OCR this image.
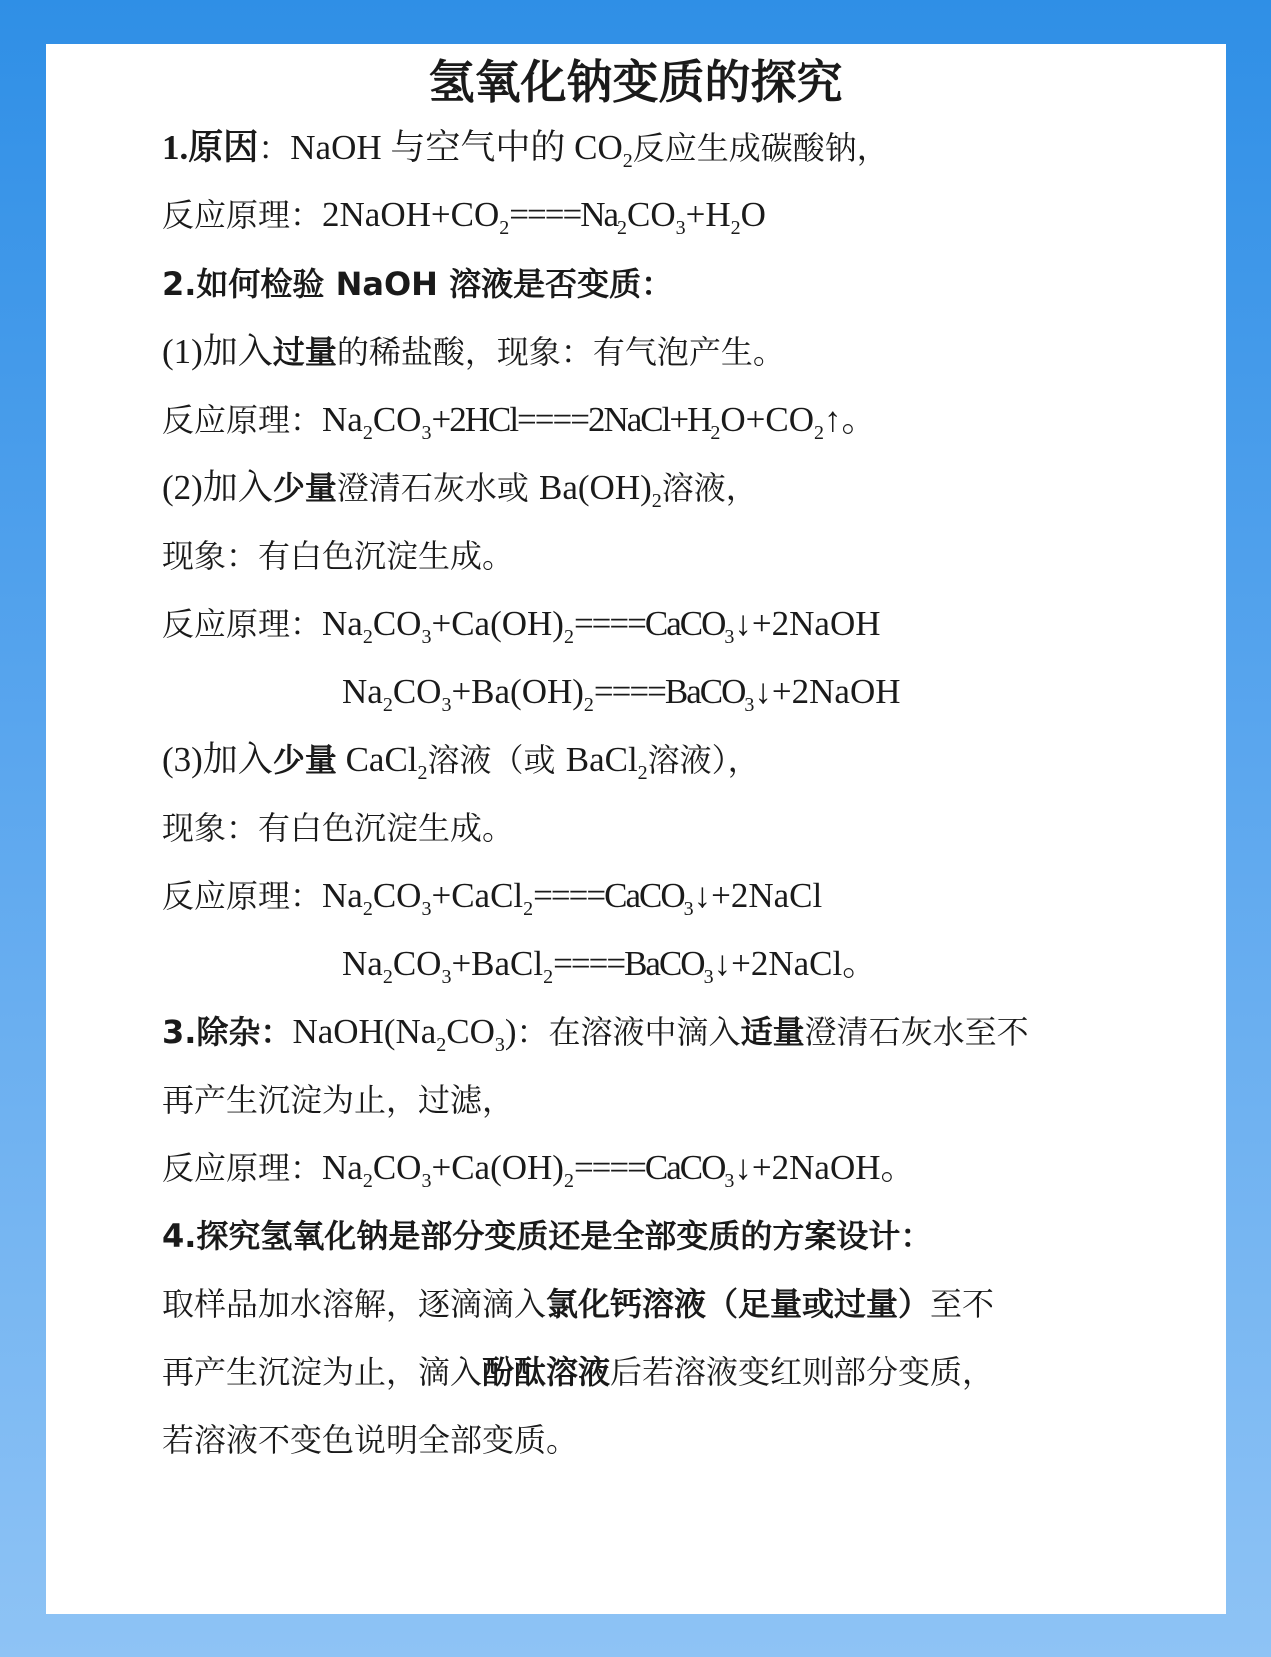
氢氧化钠变质的探究
1.原因：NaOH 与空气中的 $CO_2$反应生成碳酸钠，
反应原理：$2NaOH+CO_2====Na_2CO_3+H_2O$
2.如何检验 NaOH 溶液是否变质：
(1)加入过量的稀盐酸，现象：有气泡产生。
反应原理：$Na_2CO_3+2HCl====2NaCl+H_2O+CO_2↑$。
(2)加入少量澄清石灰水或 $Ba(OH)_2$溶液，
现象：有白色沉淀生成。
反应原理：$Na_2CO_3+Ca(OH)_2====CaCO_3↓+2NaOH$
$Na_2CO_3+Ba(OH)_2====BaCO_3↓+2NaOH$
(3)加入少量 CaCl$_2$溶液（或 BaCl$_2$溶液），
现象：有白色沉淀生成。
反应原理：$Na_2CO_3+CaCl_2====CaCO_3↓+2NaCl$
$Na_2CO_3+BaCl_2====BaCO_3↓+2NaCl$。
3.除杂：$NaOH(Na_2CO_3)$：在溶液中滴入适量澄清石灰水至不
再产生沉淀为止，过滤，
反应原理：$Na_2CO_3+Ca(OH)_2====CaCO_3↓+2NaOH$。
4.探究氢氧化钠是部分变质还是全部变质的方案设计：
取样品加水溶解，逐滴滴入氯化钙溶液（足量或过量）至不
再产生沉淀为止，滴入酚酞溶液后若溶液变红则部分变质，
若溶液不变色说明全部变质。
